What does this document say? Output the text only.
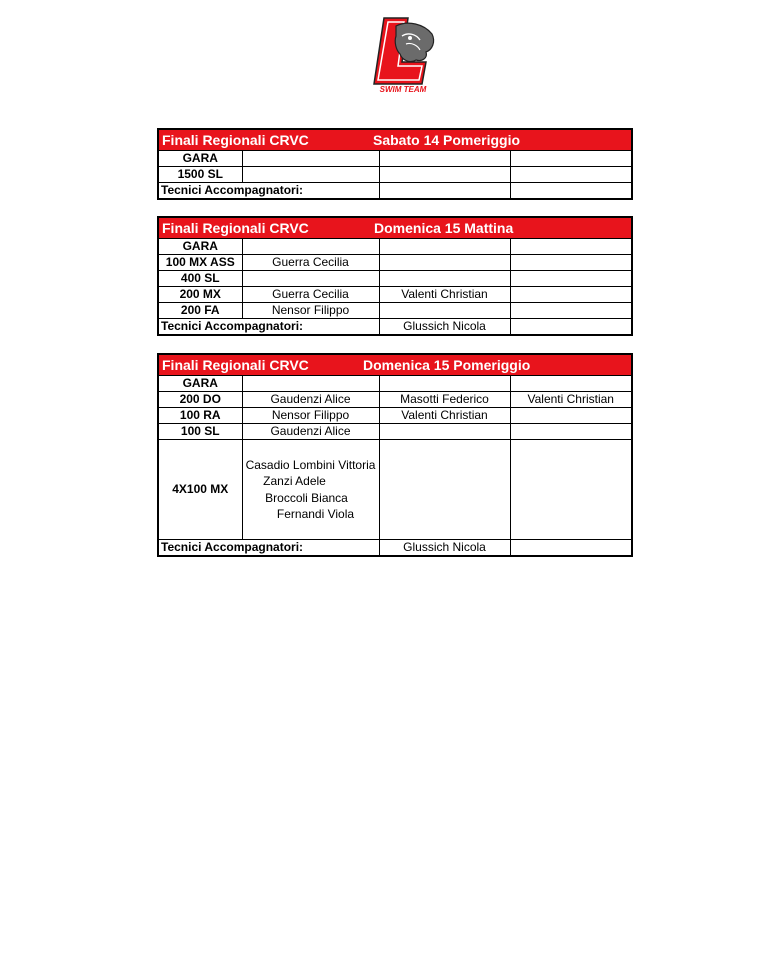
SWIM TEAM
Finali Regionali CRVC	Sabato 14 Pomeriggio
GARA			
1500 SL			
Tecnici Accompagnatori:			
Finali Regionali CRVC	Domenica 15 Mattina
GARA			
100 MX ASS	Guerra Cecilia		
400 SL			
200 MX	Guerra Cecilia	Valenti Christian	
200 FA	Nensor Filippo		
Tecnici Accompagnatori:		Glussich Nicola	
Finali Regionali CRVC	Domenica 15 Pomeriggio
GARA			
200 DO	Gaudenzi Alice	Masotti Federico	Valenti Christian
100 RA	Nensor Filippo	Valenti Christian	
100 SL	Gaudenzi Alice		
4X100 MX	Casadio Lombini Vittoria
Zanzi Adele
Broccoli Bianca
Fernandi Viola		

Tecnici Accompagnatori:		Glussich Nicola	
